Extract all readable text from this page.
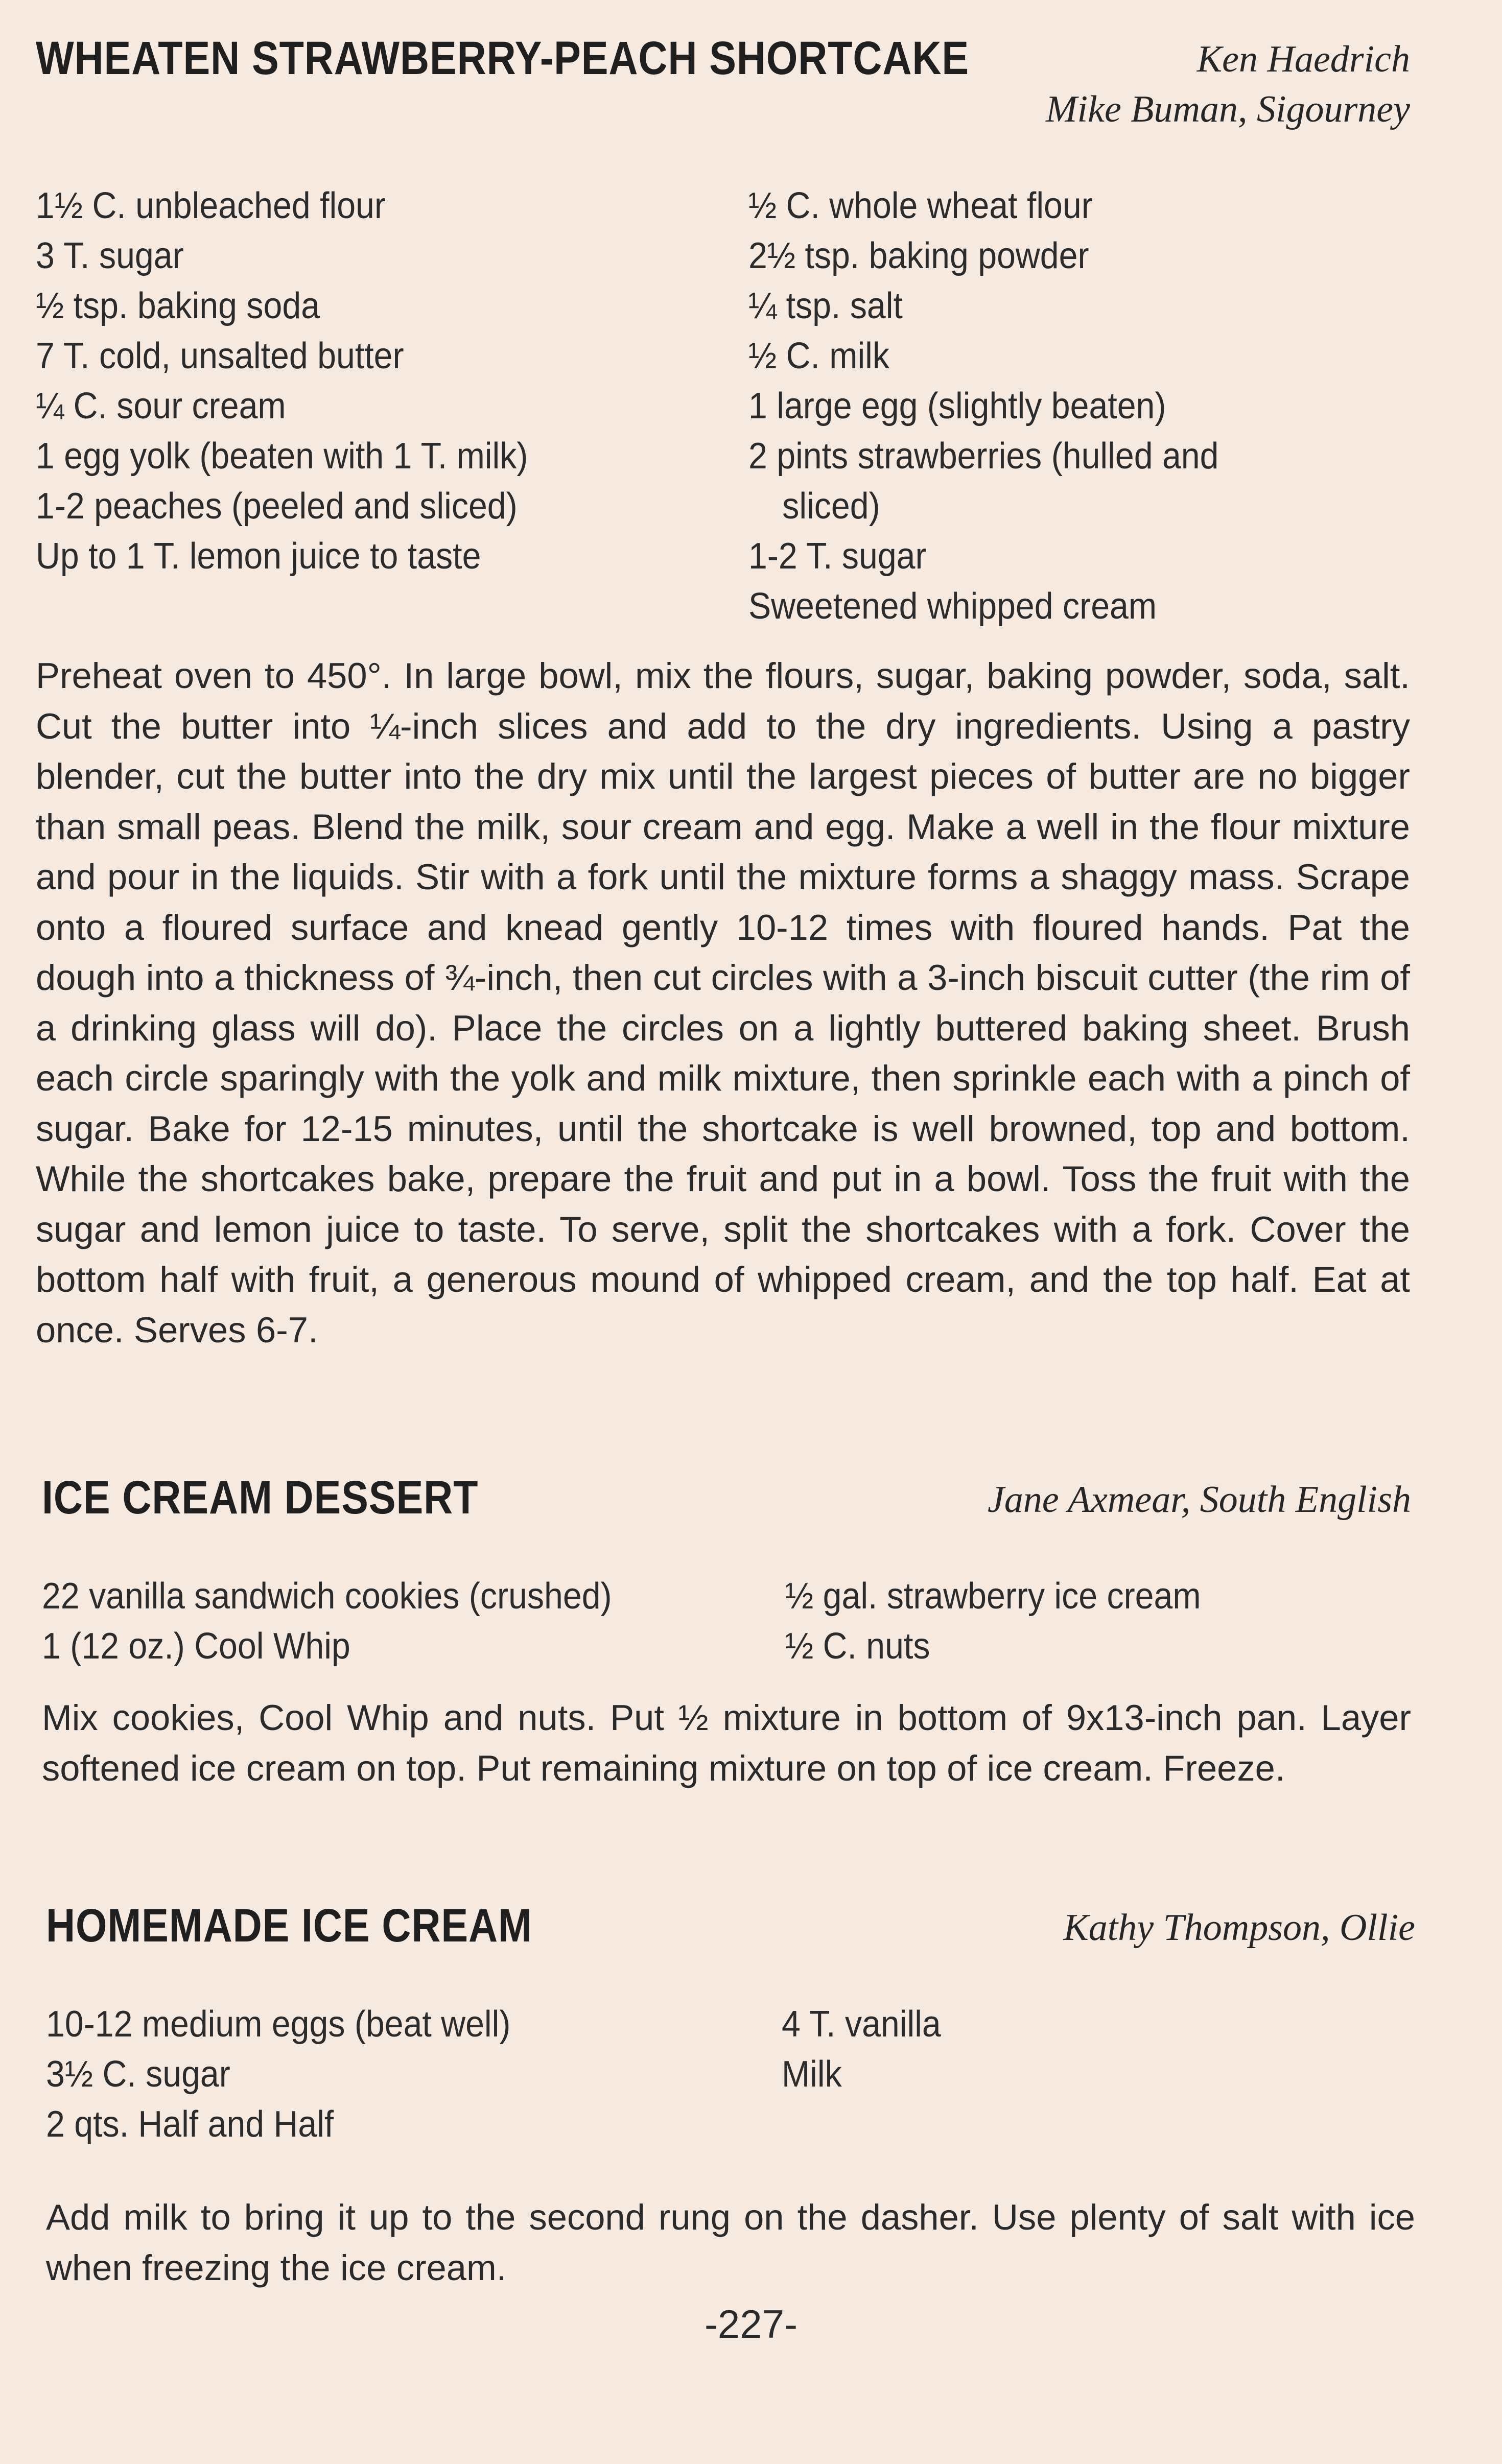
WHEATEN STRAWBERRY-PEACH SHORTCAKE	Ken Haedrich
Mike Buman, Sigourney
1½ C. unbleached flour
3 T. sugar
½ tsp. baking soda
7 T. cold, unsalted butter
¼ C. sour cream
1 egg yolk (beaten with 1 T. milk)
1-2 peaches (peeled and sliced)
Up to 1 T. lemon juice to taste
½ C. whole wheat flour
2½ tsp. baking powder
¼ tsp. salt
½ C. milk
1 large egg (slightly beaten)
2 pints strawberries (hulled and
sliced)
1-2 T. sugar
Sweetened whipped cream

Preheat oven to 450°. In large bowl, mix the flours, sugar, baking powder, soda, salt. Cut the butter into ¼-inch slices and add to the dry ingredients. Using a pastry blender, cut the butter into the dry mix until the largest pieces of butter are no bigger than small peas. Blend the milk, sour cream and egg. Make a well in the flour mixture and pour in the liquids. Stir with a fork until the mixture forms a shaggy mass. Scrape onto a floured surface and knead gently 10-12 times with floured hands. Pat the dough into a thickness of ¾-inch, then cut circles with a 3-inch biscuit cutter (the rim of a drinking glass will do). Place the circles on a lightly buttered baking sheet. Brush each circle sparingly with the yolk and milk mixture, then sprinkle each with a pinch of sugar. Bake for 12-15 minutes, until the shortcake is well browned, top and bottom. While the shortcakes bake, prepare the fruit and put in a bowl. Toss the fruit with the sugar and lemon juice to taste. To serve, split the shortcakes with a fork. Cover the bottom half with fruit, a generous mound of whipped cream, and the top half. Eat at once. Serves 6-7.

ICE CREAM DESSERT	Jane Axmear, South English
22 vanilla sandwich cookies (crushed)
1 (12 oz.) Cool Whip
½ gal. strawberry ice cream
½ C. nuts

Mix cookies, Cool Whip and nuts. Put ½ mixture in bottom of 9x13-inch pan. Layer softened ice cream on top. Put remaining mixture on top of ice cream. Freeze.

HOMEMADE ICE CREAM	Kathy Thompson, Ollie
10-12 medium eggs (beat well)
3½ C. sugar
2 qts. Half and Half
4 T. vanilla
Milk

Add milk to bring it up to the second rung on the dasher. Use plenty of salt with ice when freezing the ice cream.

-227-
